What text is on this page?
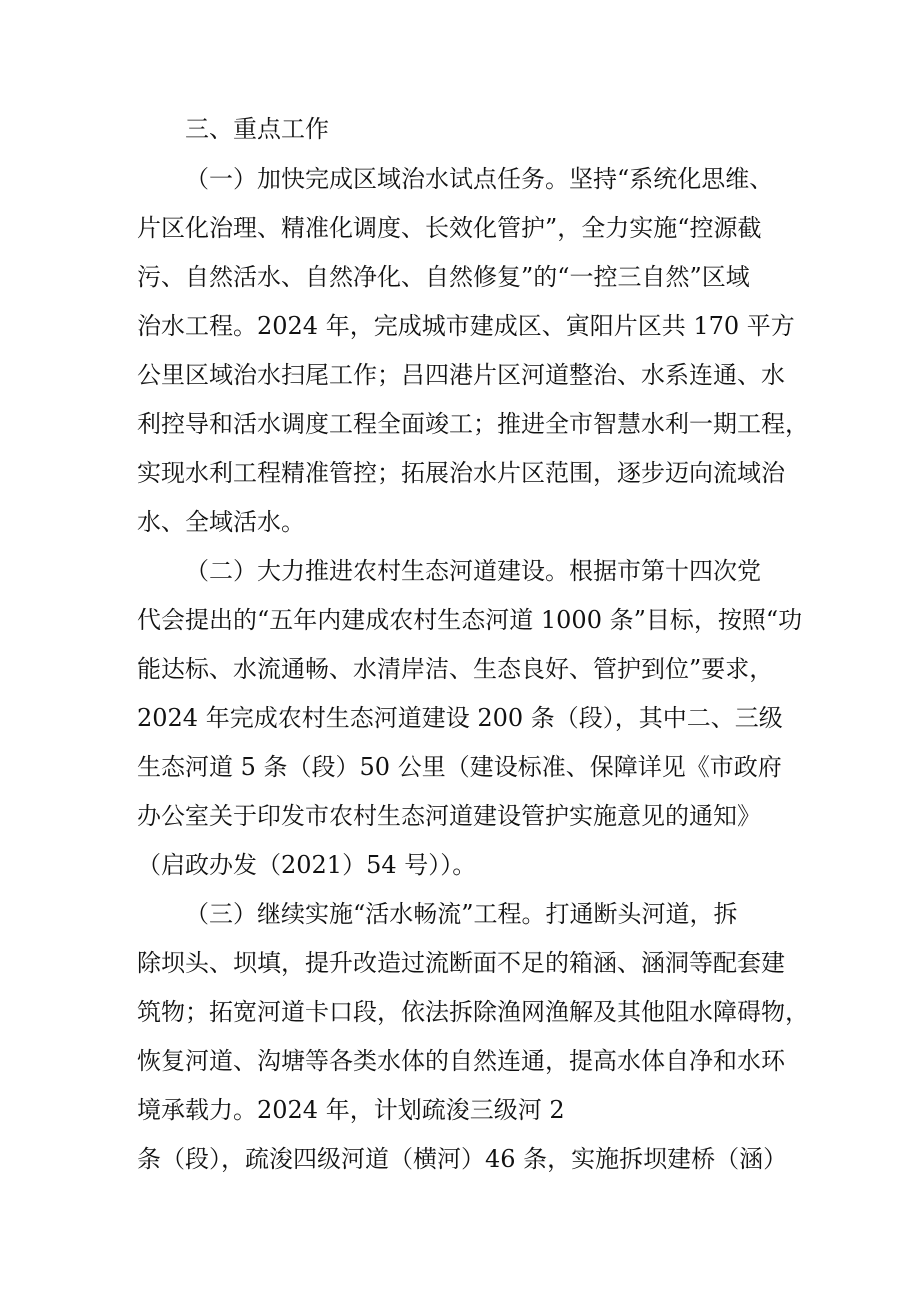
三、重点工作
（一）加快完成区域治水试点任务。坚持“系统化思维、
片区化治理、精准化调度、长效化管护”，全力实施“控源截
污、自然活水、自然净化、自然修复”的“一控三自然”区域
治水工程。2024 年，完成城市建成区、寅阳片区共 170 平方
公里区域治水扫尾工作；吕四港片区河道整治、水系连通、水
利控导和活水调度工程全面竣工；推进全市智慧水利一期工程，
实现水利工程精准管控；拓展治水片区范围，逐步迈向流域治
水、全域活水。
（二）大力推进农村生态河道建设。根据市第十四次党
代会提出的“五年内建成农村生态河道 1000 条”目标，按照“功
能达标、水流通畅、水清岸洁、生态良好、管护到位”要求，
2024 年完成农村生态河道建设 200 条（段），其中二、三级
生态河道 5 条（段）50 公里（建设标准、保障详见《市政府
办公室关于印发市农村生态河道建设管护实施意见的通知》
（启政办发（2021）54 号））。
（三）继续实施“活水畅流”工程。打通断头河道，拆
除坝头、坝填，提升改造过流断面不足的箱涵、涵洞等配套建
筑物；拓宽河道卡口段，依法拆除渔网渔解及其他阻水障碍物，
恢复河道、沟塘等各类水体的自然连通，提高水体自净和水环
境承载力。2024 年，计划疏浚三级河 2
条（段），疏浚四级河道（横河）46 条，实施拆坝建桥（涵）
